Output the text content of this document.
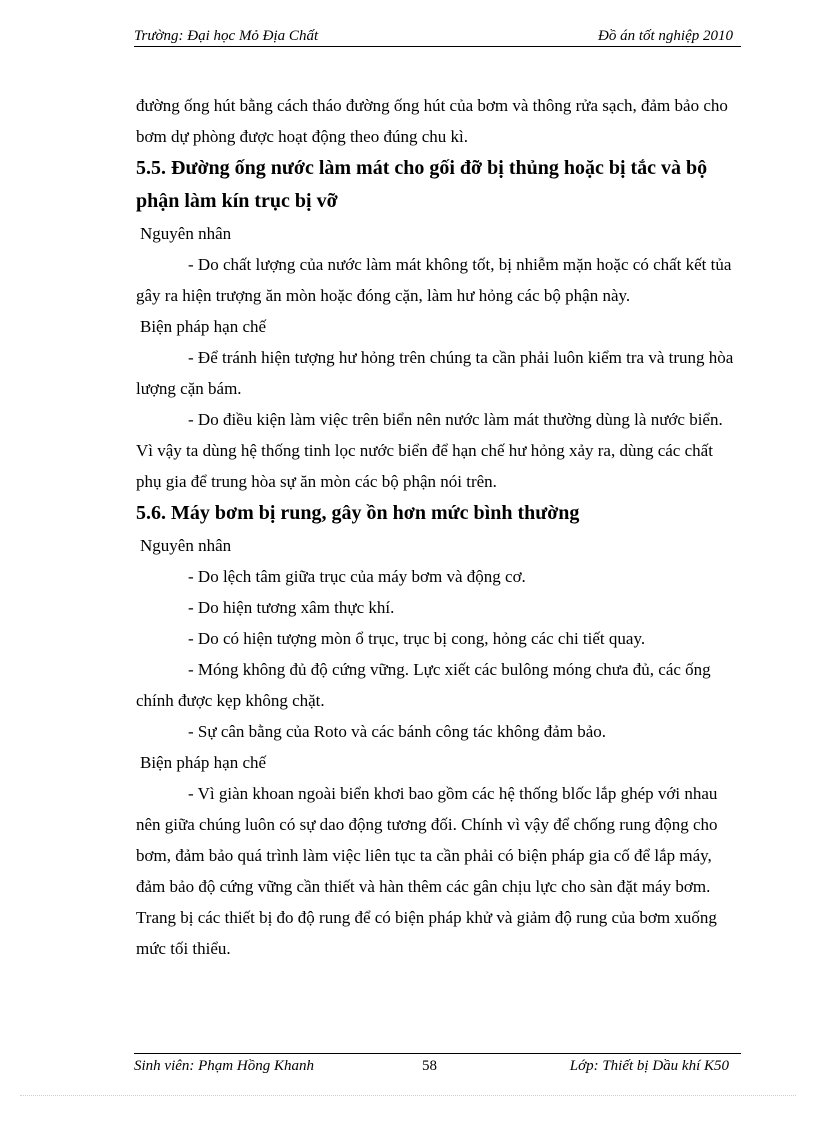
Trường: Đại học Mỏ Địa Chất	Đồ án tốt nghiệp 2010

đường ống hút bằng cách tháo đường ống hút của bơm và thông rửa sạch, đảm bảo cho bơm dự phòng được hoạt động theo đúng chu kì.

5.5. Đường ống nước làm mát cho gối đỡ bị thủng hoặc bị tắc và bộ phận làm kín trục bị vỡ

Nguyên nhân

- Do chất lượng của nước làm mát không tốt, bị nhiễm mặn hoặc có chất kết tủa gây ra hiện trượng ăn mòn hoặc đóng cặn, làm hư hỏng các bộ phận này.

Biện pháp hạn chế

- Để tránh hiện tượng hư hỏng trên chúng ta cần phải luôn kiểm tra và trung hòa lượng cặn bám.

- Do điều kiện làm việc trên biển nên nước làm mát thường dùng là nước biển. Vì vậy ta dùng hệ thống tinh lọc nước biển để hạn chế hư hỏng xảy ra, dùng các chất phụ gia để trung hòa sự ăn mòn các bộ phận nói trên.

5.6. Máy bơm bị rung, gây ồn hơn mức bình thường

Nguyên nhân

- Do lệch tâm giữa trục của máy bơm và động cơ.

- Do hiện tương xâm thực khí.

- Do có hiện tượng mòn ổ trục, trục bị cong, hỏng các chi tiết quay.

- Móng không đủ độ cứng vững. Lực xiết các bulông móng chưa đủ, các ống chính được kẹp không chặt.

- Sự cân bằng của Roto và các bánh công tác không đảm bảo.

Biện pháp hạn chế

- Vì giàn khoan ngoài biển khơi bao gồm các hệ thống blốc lắp ghép với nhau nên giữa chúng luôn có sự dao động tương đối. Chính vì vậy để chống rung động cho bơm, đảm bảo quá trình làm việc liên tục ta cần phải có biện pháp gia cố để lắp máy, đảm bảo độ cứng vững cần thiết và hàn thêm các gân chịu lực cho sàn đặt máy bơm. Trang bị các thiết bị đo độ rung để có biện pháp khử và giảm độ rung của bơm xuống mức tối thiểu.

Sinh viên: Phạm Hồng Khanh	58	Lớp: Thiết bị Dầu khí K50
